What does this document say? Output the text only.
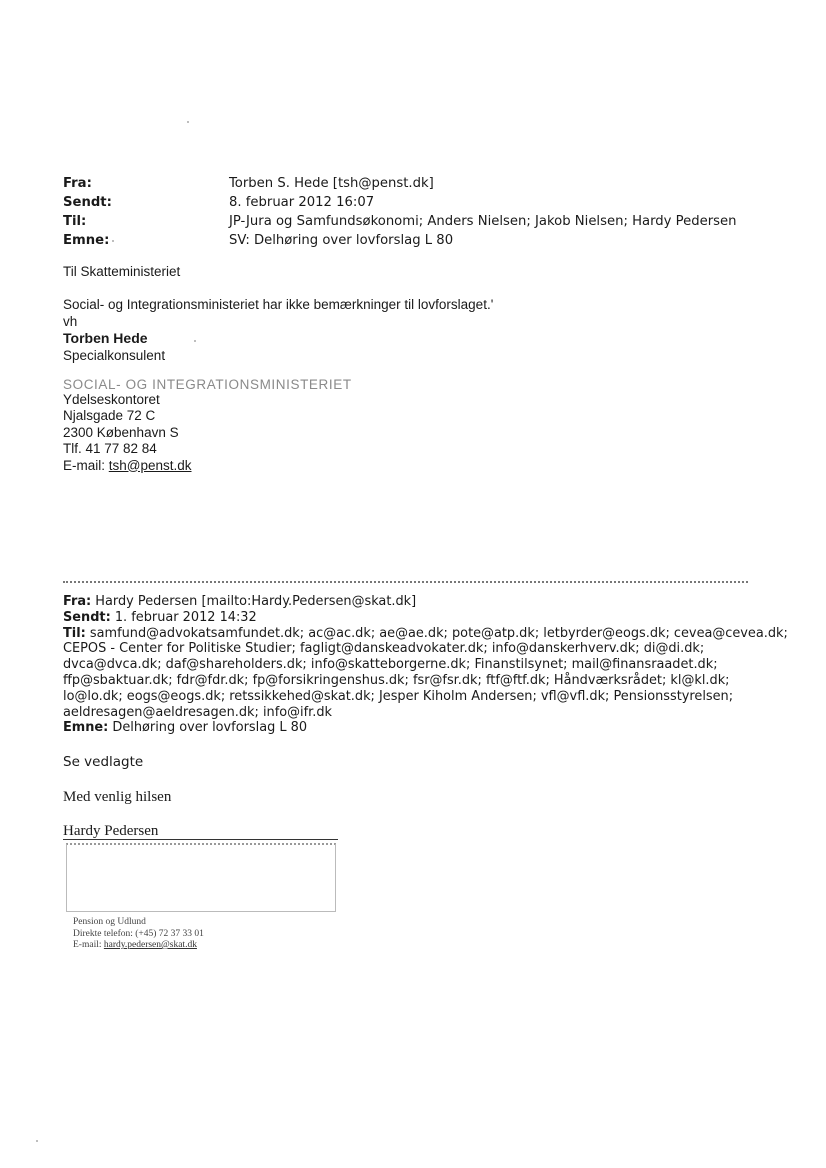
Fra:	Torben S. Hede [tsh@penst.dk]
Sendt:	8. februar 2012 16:07
Til:	JP-Jura og Samfundsøkonomi; Anders Nielsen; Jakob Nielsen; Hardy Pedersen
Emne:	SV: Delhøring over lovforslag L 80
Til Skatteministeriet
Social- og Integrationsministeriet har ikke bemærkninger til lovforslaget.'
vh
Torben Hede
Specialkonsulent
SOCIAL- OG INTEGRATIONSMINISTERIET
Ydelseskontoret
Njalsgade 72 C
2300 København S
Tlf. 41 77 82 84
E-mail: tsh@penst.dk
Fra: Hardy Pedersen [mailto:Hardy.Pedersen@skat.dk]
Sendt: 1. februar 2012 14:32
Til: samfund@advokatsamfundet.dk; ac@ac.dk; ae@ae.dk; pote@atp.dk; letbyrder@eogs.dk; cevea@cevea.dk;
CEPOS - Center for Politiske Studier; fagligt@danskeadvokater.dk; info@danskerhverv.dk; di@di.dk;
dvca@dvca.dk; daf@shareholders.dk; info@skatteborgerne.dk; Finanstilsynet; mail@finansraadet.dk;
ffp@sbaktuar.dk; fdr@fdr.dk; fp@forsikringenshus.dk; fsr@fsr.dk; ftf@ftf.dk; Håndværksrådet; kl@kl.dk;
lo@lo.dk; eogs@eogs.dk; retssikkehed@skat.dk; Jesper Kiholm Andersen; vfl@vfl.dk; Pensionsstyrelsen;
aeldresagen@aeldresagen.dk; info@ifr.dk
Emne: Delhøring over lovforslag L 80
Se vedlagte
Med venlig hilsen
Hardy Pedersen
Pension og Udlund
Direkte telefon: (+45) 72 37 33 01
E-mail: hardy.pedersen@skat.dk
